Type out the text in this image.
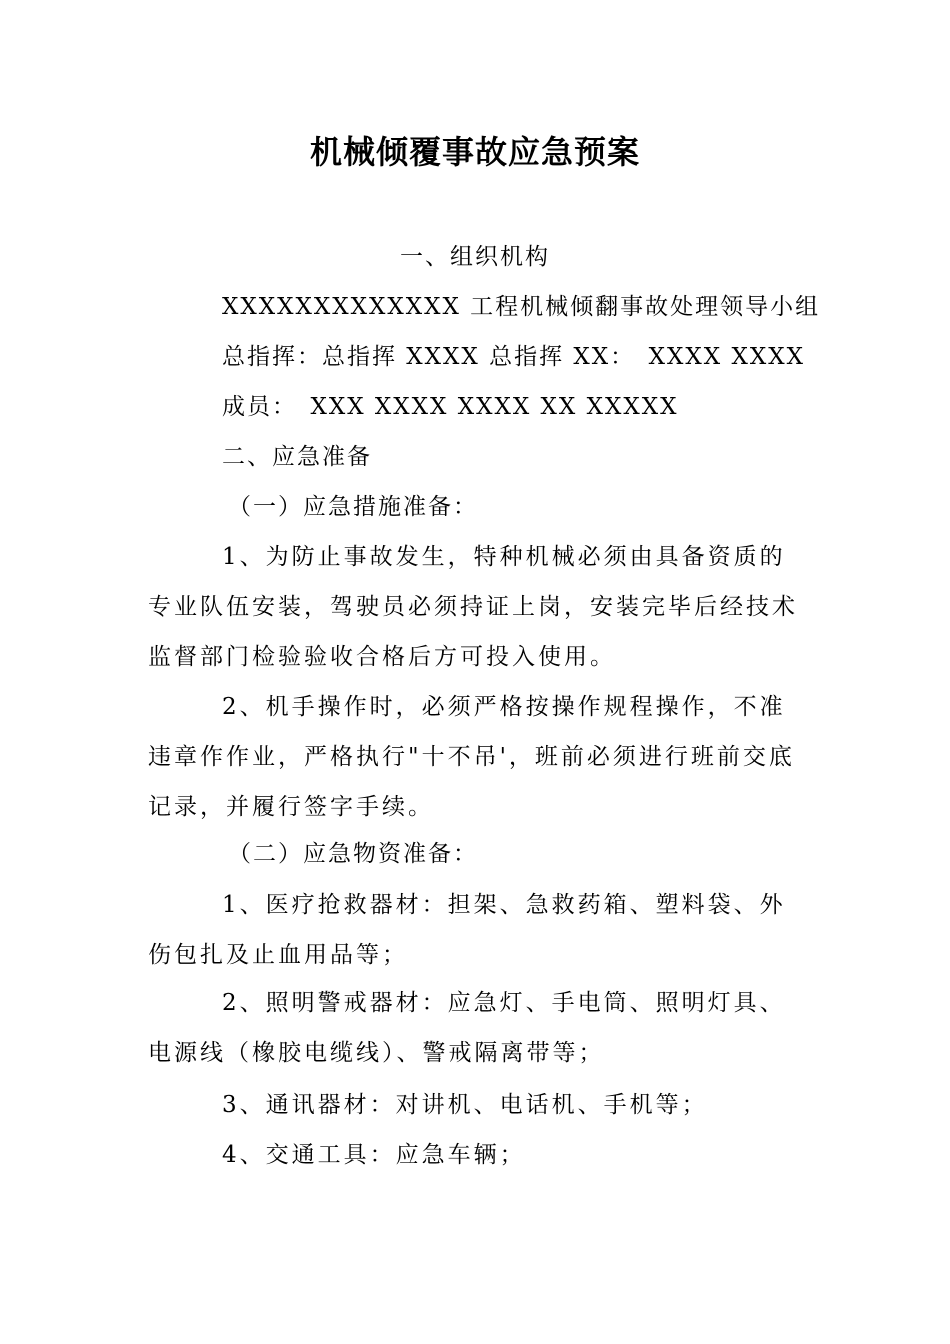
机械倾覆事故应急预案
一、组织机构
XXXXXXXXXXXXX 工程机械倾翻事故处理领导小组
总指挥：总指挥 XXXX 总指挥 XX：　XXXX XXXX
成员：　XXX XXXX XXXX XX XXXXX
二、应急准备
（一）应急措施准备：
1、为防止事故发生，特种机械必须由具备资质的专业队伍安装，驾驶员必须持证上岗，安装完毕后经技术监督部门检验验收合格后方可投入使用。
2、机手操作时，必须严格按操作规程操作，不准违章作作业，严格执行"十不吊'，班前必须进行班前交底记录，并履行签字手续。
（二）应急物资准备：
1、医疗抢救器材：担架、急救药箱、塑料袋、外伤包扎及止血用品等；
2、照明警戒器材：应急灯、手电筒、照明灯具、电源线（橡胶电缆线）、警戒隔离带等；
3、通讯器材：对讲机、电话机、手机等；
4、交通工具：应急车辆；
